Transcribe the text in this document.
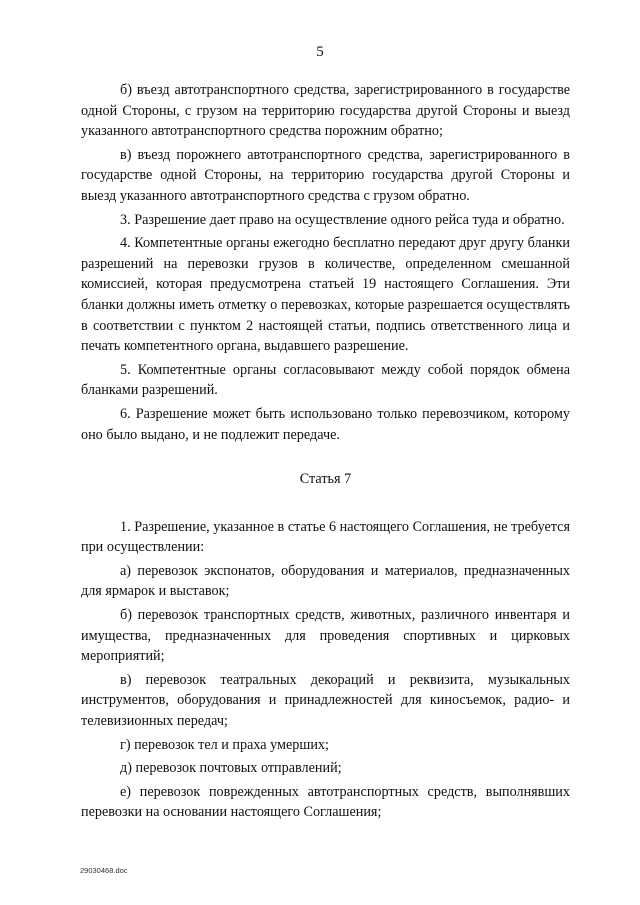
5

б) въезд автотранспортного средства, зарегистрированного в государстве одной Стороны, с грузом на территорию государства другой Стороны и выезд указанного автотранспортного средства порожним обратно;

в) въезд порожнего автотранспортного средства, зарегистрированного в государстве одной Стороны, на территорию государства другой Стороны и выезд указанного автотранспортного средства с грузом обратно.

3. Разрешение дает право на осуществление одного рейса туда и обратно.

4. Компетентные органы ежегодно бесплатно передают друг другу бланки разрешений на перевозки грузов в количестве, определенном смешанной комиссией, которая предусмотрена статьей 19 настоящего Соглашения. Эти бланки должны иметь отметку о перевозках, которые разрешается осуществлять в соответствии с пунктом 2 настоящей статьи, подпись ответственного лица и печать компетентного органа, выдавшего разрешение.

5. Компетентные органы согласовывают между собой порядок обмена бланками разрешений.

6. Разрешение может быть использовано только перевозчиком, которому оно было выдано, и не подлежит передаче.

Статья 7

1. Разрешение, указанное в статье 6 настоящего Соглашения, не требуется при осуществлении:

а) перевозок экспонатов, оборудования и материалов, предназначенных для ярмарок и выставок;

б) перевозок транспортных средств, животных, различного инвентаря и имущества, предназначенных для проведения спортивных и цирковых мероприятий;

в) перевозок театральных декораций и реквизита, музыкальных инструментов, оборудования и принадлежностей для киносъемок, радио- и телевизионных передач;

г) перевозок тел и праха умерших;

д) перевозок почтовых отправлений;

е) перевозок поврежденных автотранспортных средств, выполнявших перевозки на основании настоящего Соглашения;

29030468.doc
